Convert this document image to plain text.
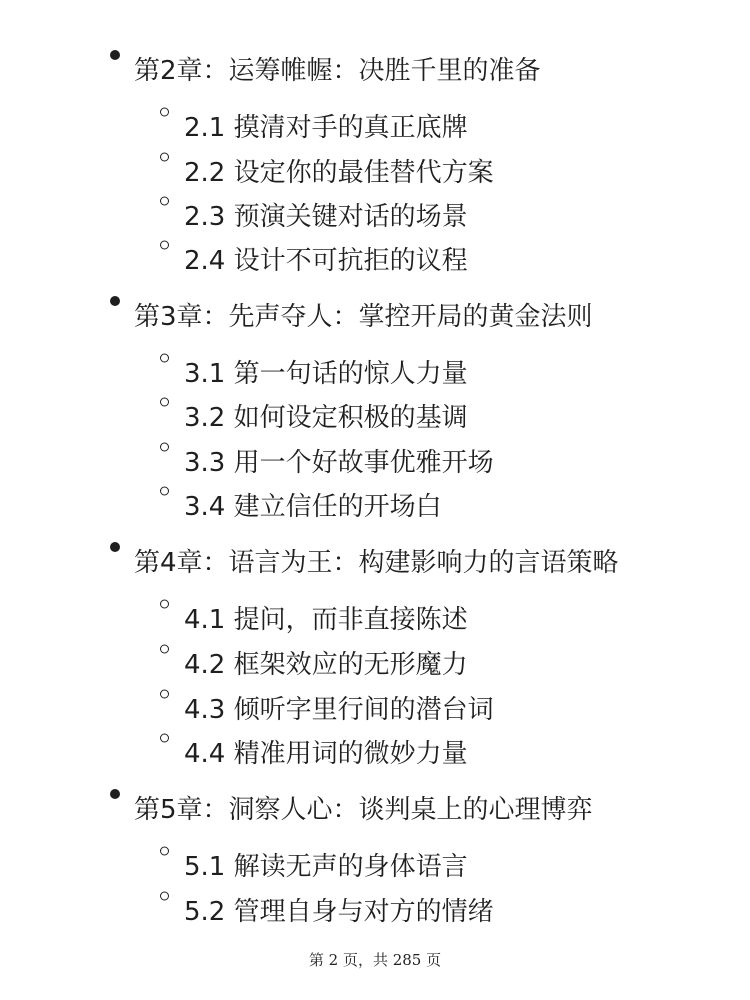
第2章：运筹帷幄：决胜千里的准备
2.1 摸清对手的真正底牌
2.2 设定你的最佳替代方案
2.3 预演关键对话的场景
2.4 设计不可抗拒的议程
第3章：先声夺人：掌控开局的黄金法则
3.1 第一句话的惊人力量
3.2 如何设定积极的基调
3.3 用一个好故事优雅开场
3.4 建立信任的开场白
第4章：语言为王：构建影响力的言语策略
4.1 提问，而非直接陈述
4.2 框架效应的无形魔力
4.3 倾听字里行间的潜台词
4.4 精准用词的微妙力量
第5章：洞察人心：谈判桌上的心理博弈
5.1 解读无声的身体语言
5.2 管理自身与对方的情绪
第 2 页，共 285 页
